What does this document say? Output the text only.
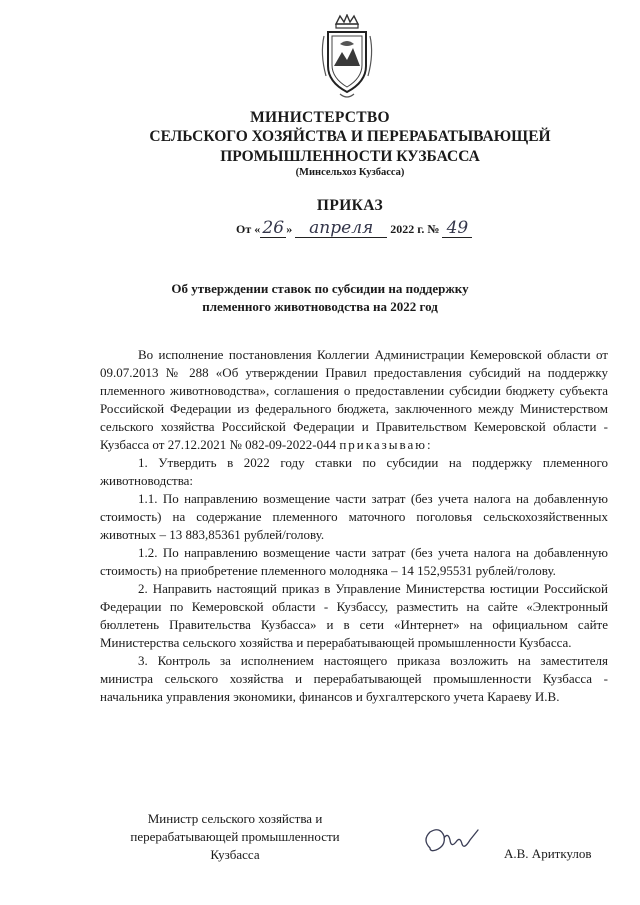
МИНИСТЕРСТВО
СЕЛЬСКОГО ХОЗЯЙСТВА И ПЕРЕРАБАТЫВАЮЩЕЙ
ПРОМЫШЛЕННОСТИ КУЗБАССА
(Минсельхоз Кузбасса)
ПРИКАЗ
От « 26 » апреля 2022 г. № 49
Об утверждении ставок по субсидии на поддержку
племенного животноводства на 2022 год

Во исполнение постановления Коллегии Администрации Кемеровской области от 09.07.2013 № 288 «Об утверждении Правил предоставления субсидий на поддержку племенного животноводства», соглашения о предоставлении субсидии бюджету субъекта Российской Федерации из федерального бюджета, заключенного между Министерством сельского хозяйства Российской Федерации и Правительством Кемеровской области - Кузбасса от 27.12.2021 № 082-09-2022-044 приказываю:

1. Утвердить в 2022 году ставки по субсидии на поддержку племенного животноводства:

1.1. По направлению возмещение части затрат (без учета налога на добавленную стоимость) на содержание племенного маточного поголовья сельскохозяйственных животных – 13 883,85361 рублей/голову.

1.2. По направлению возмещение части затрат (без учета налога на добавленную стоимость) на приобретение племенного молодняка – 14 152,95531 рублей/голову.

2. Направить настоящий приказ в Управление Министерства юстиции Российской Федерации по Кемеровской области - Кузбассу, разместить на сайте «Электронный бюллетень Правительства Кузбасса» и в сети «Интернет» на официальном сайте Министерства сельского хозяйства и перерабатывающей промышленности Кузбасса.

3. Контроль за исполнением настоящего приказа возложить на заместителя министра сельского хозяйства и перерабатывающей промышленности Кузбасса - начальника управления экономики, финансов и бухгалтерского учета Караеву И.В.

Министр сельского хозяйства и
перерабатывающей промышленности
Кузбасса	А.В. Ариткулов
